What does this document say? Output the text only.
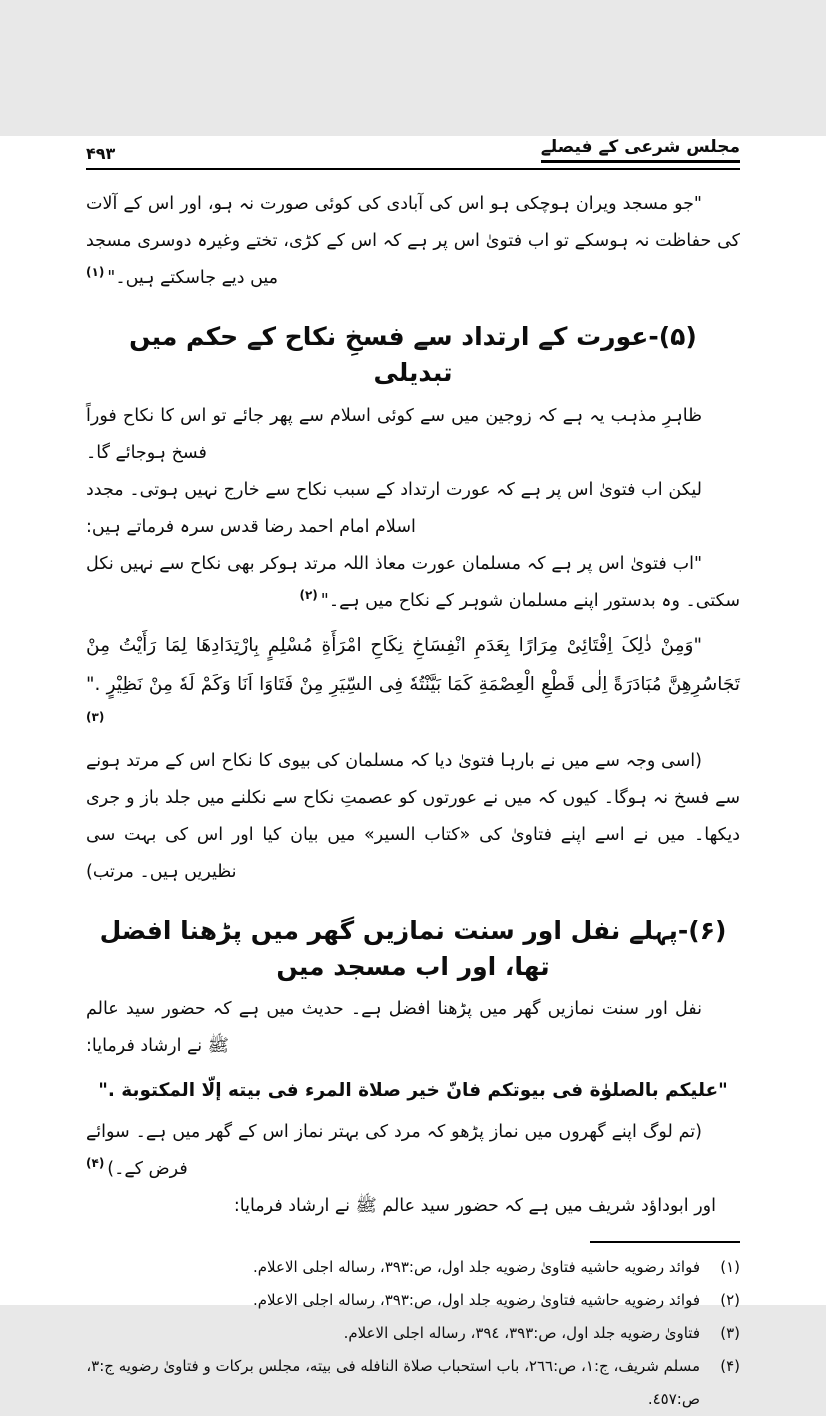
مجلس شرعی کے فیصلے
۴۹۳

"جو مسجد ویران ہوچکی ہو اس کی آبادی کی کوئی صورت نہ ہو، اور اس کے آلات کی حفاظت نہ ہوسکے تو اب فتویٰ اس پر ہے کہ اس کے کڑی، تختے وغیرہ دوسری مسجد میں دیے جاسکتے ہیں۔"$^{(۱)}$

(۵)-عورت کے ارتداد سے فسخِ نکاح کے حکم میں تبدیلی

ظاہرِ مذہب یہ ہے کہ زوجین میں سے کوئی اسلام سے پھر جائے تو اس کا نکاح فوراً فسخ ہوجائے گا۔

لیکن اب فتویٰ اس پر ہے کہ عورت ارتداد کے سبب نکاح سے خارج نہیں ہوتی۔ مجدد اسلام امام احمد رضا قدس سرہ فرماتے ہیں:

"اب فتویٰ اس پر ہے کہ مسلمان عورت معاذ اللہ مرتد ہوکر بھی نکاح سے نہیں نکل سکتی۔ وہ بدستور اپنے مسلمان شوہر کے نکاح میں ہے۔"$^{(۲)}$

"وَمِنْ ذٰلِکَ اِفْتَائِیْ مِرَارًا بِعَدَمِ انْفِسَاخِ نِکَاحِ امْرَأَةِ مُسْلِمٍ بِارْتِدَادِهَا لِمَا رَأَیْتُ مِنْ تَجَاسُرِهِنَّ مُبَادَرَةً اِلٰی قَطْعِ الْعِصْمَةِ کَمَا بَیَّنْتُهٗ فِی السِّیَرِ مِنْ فَتَاوَا اَنَا وَکَمْ لَهٗ مِنْ نَظِیْرٍ ."$^{(۳)}$

(اسی وجہ سے میں نے بارہا فتویٰ دیا کہ مسلمان کی بیوی کا نکاح اس کے مرتد ہونے سے فسخ نہ ہوگا۔ کیوں کہ میں نے عورتوں کو عصمتِ نکاح سے نکلنے میں جلد باز و جری دیکھا۔ میں نے اسے اپنے فتاویٰ کی «کتاب السیر» میں بیان کیا اور اس کی بہت سی نظیریں ہیں۔ مرتب)

(۶)-پہلے نفل اور سنت نمازیں گھر میں پڑھنا افضل تھا، اور اب مسجد میں

نفل اور سنت نمازیں گھر میں پڑھنا افضل ہے۔ حدیث میں ہے کہ حضور سید عالم ﷺ نے ارشاد فرمایا:

"علیکم بالصلوٰة فی بیوتکم فانّ خیر صلاة المرء فی بیته إلّا المکتوبة ."

(تم لوگ اپنے گھروں میں نماز پڑھو کہ مرد کی بہتر نماز اس کے گھر میں ہے۔ سوائے فرض کے۔)$^{(۴)}$

اور ابوداؤد شریف میں ہے کہ حضور سید عالم ﷺ نے ارشاد فرمایا:

(۱)
فوائد رضویه حاشیه فتاویٰ رضویه جلد اول، ص:۳۹۳، رساله اجلی الاعلام.
(۲)
فوائد رضویه حاشیه فتاویٰ رضویه جلد اول، ص:۳۹۳، رساله اجلی الاعلام.
(۳)
فتاویٰ رضویه جلد اول، ص:۳۹۳، ۳۹٤، رساله اجلی الاعلام.
(۴)
مسلم شریف، ج:۱، ص:۲٦٦، باب استحباب صلاة النافله فی بیته، مجلس برکات و فتاویٰ رضویه ج:۳، ص:٤٥٧.
